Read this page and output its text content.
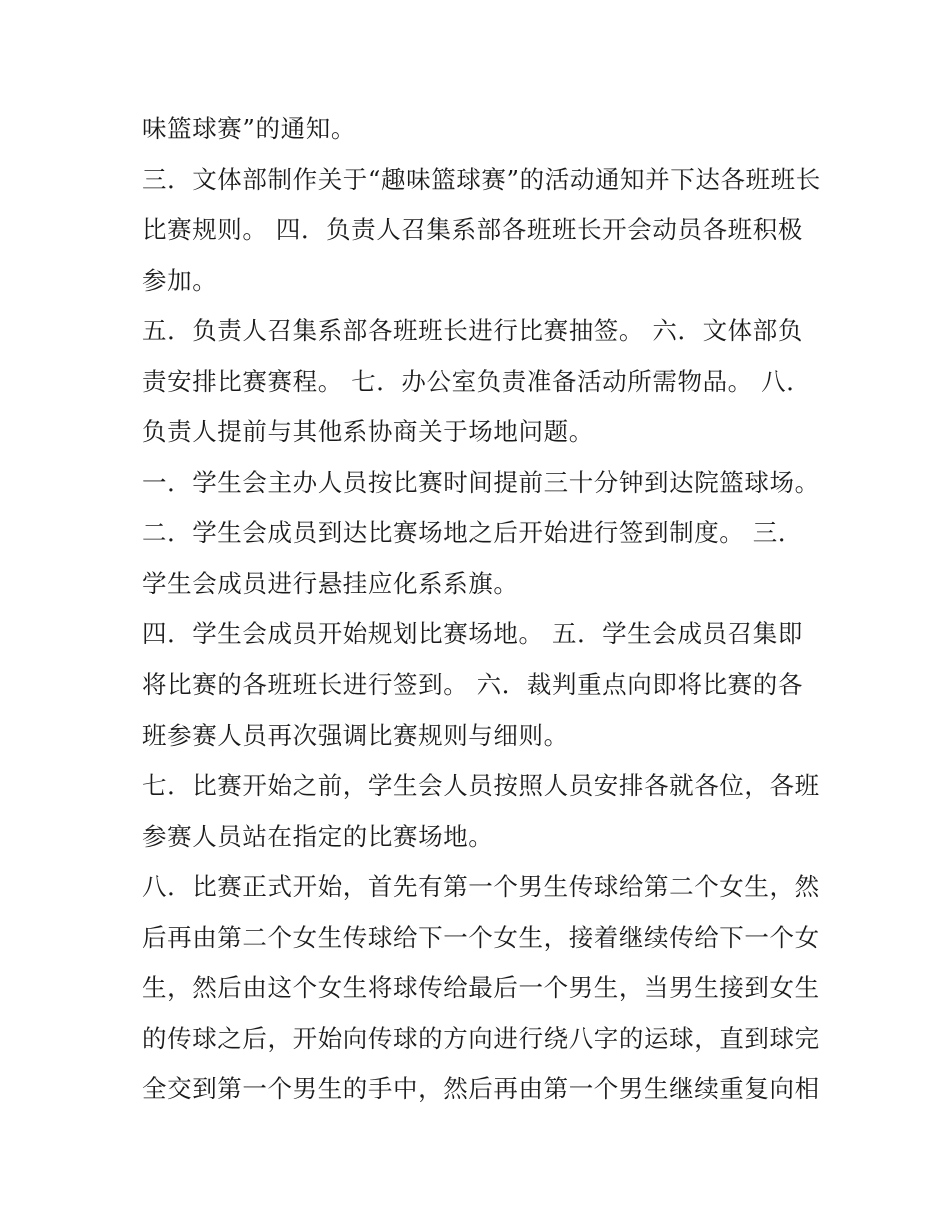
味篮球赛”的通知。
三．文体部制作关于“趣味篮球赛”的活动通知并下达各班班长
比赛规则。 四．负责人召集系部各班班长开会动员各班积极
参加。
五．负责人召集系部各班班长进行比赛抽签。 六．文体部负
责安排比赛赛程。 七．办公室负责准备活动所需物品。 八．
负责人提前与其他系协商关于场地问题。
一．学生会主办人员按比赛时间提前三十分钟到达院篮球场。
二．学生会成员到达比赛场地之后开始进行签到制度。 三．
学生会成员进行悬挂应化系系旗。
四．学生会成员开始规划比赛场地。 五．学生会成员召集即
将比赛的各班班长进行签到。 六．裁判重点向即将比赛的各
班参赛人员再次强调比赛规则与细则。
七．比赛开始之前，学生会人员按照人员安排各就各位，各班
参赛人员站在指定的比赛场地。
八．比赛正式开始，首先有第一个男生传球给第二个女生，然
后再由第二个女生传球给下一个女生，接着继续传给下一个女
生，然后由这个女生将球传给最后一个男生，当男生接到女生
的传球之后，开始向传球的方向进行绕八字的运球，直到球完
全交到第一个男生的手中，然后再由第一个男生继续重复向相
